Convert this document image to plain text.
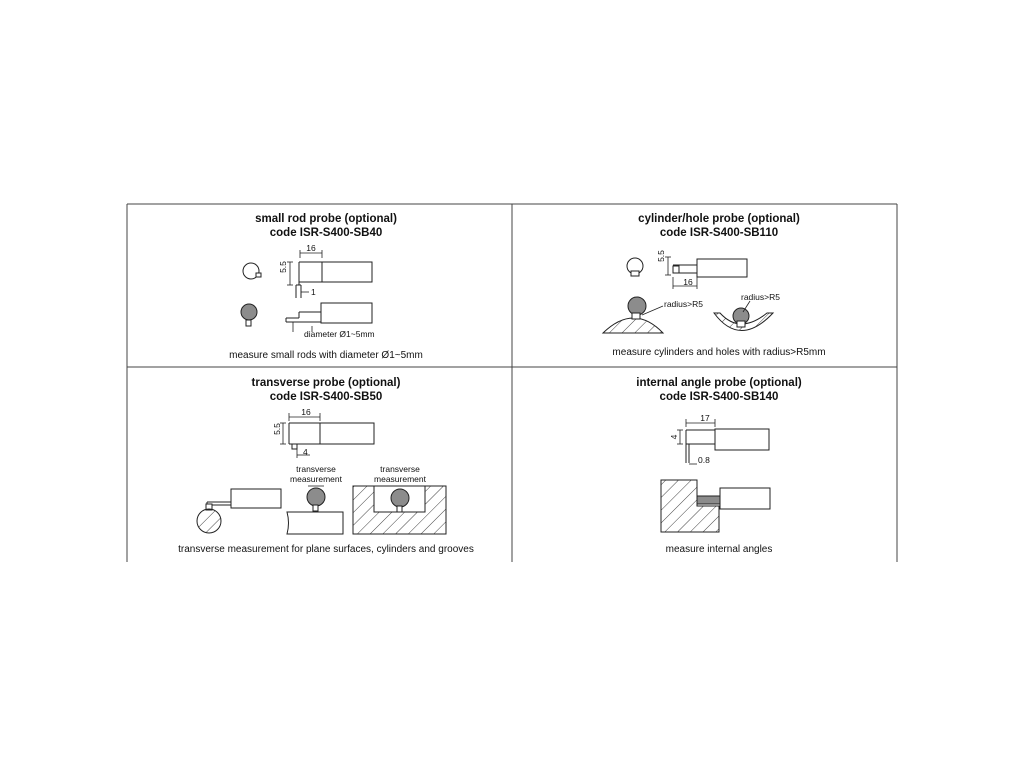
small rod probe (optional)
code ISR-S400-SB40
16
5.5
1
diameter Ø1~5mm
measure small rods with diameter Ø1~5mm
cylinder/hole probe (optional)
code ISR-S400-SB110
5.5
16
radius>R5
radius>R5
measure cylinders and holes with radius>R5mm
transverse probe (optional)
code ISR-S400-SB50
16
5.5
4
transverse
measurement
transverse
measurement
transverse measurement for plane surfaces, cylinders and grooves
internal angle probe (optional)
code ISR-S400-SB140
17
4
0.8
measure internal angles
